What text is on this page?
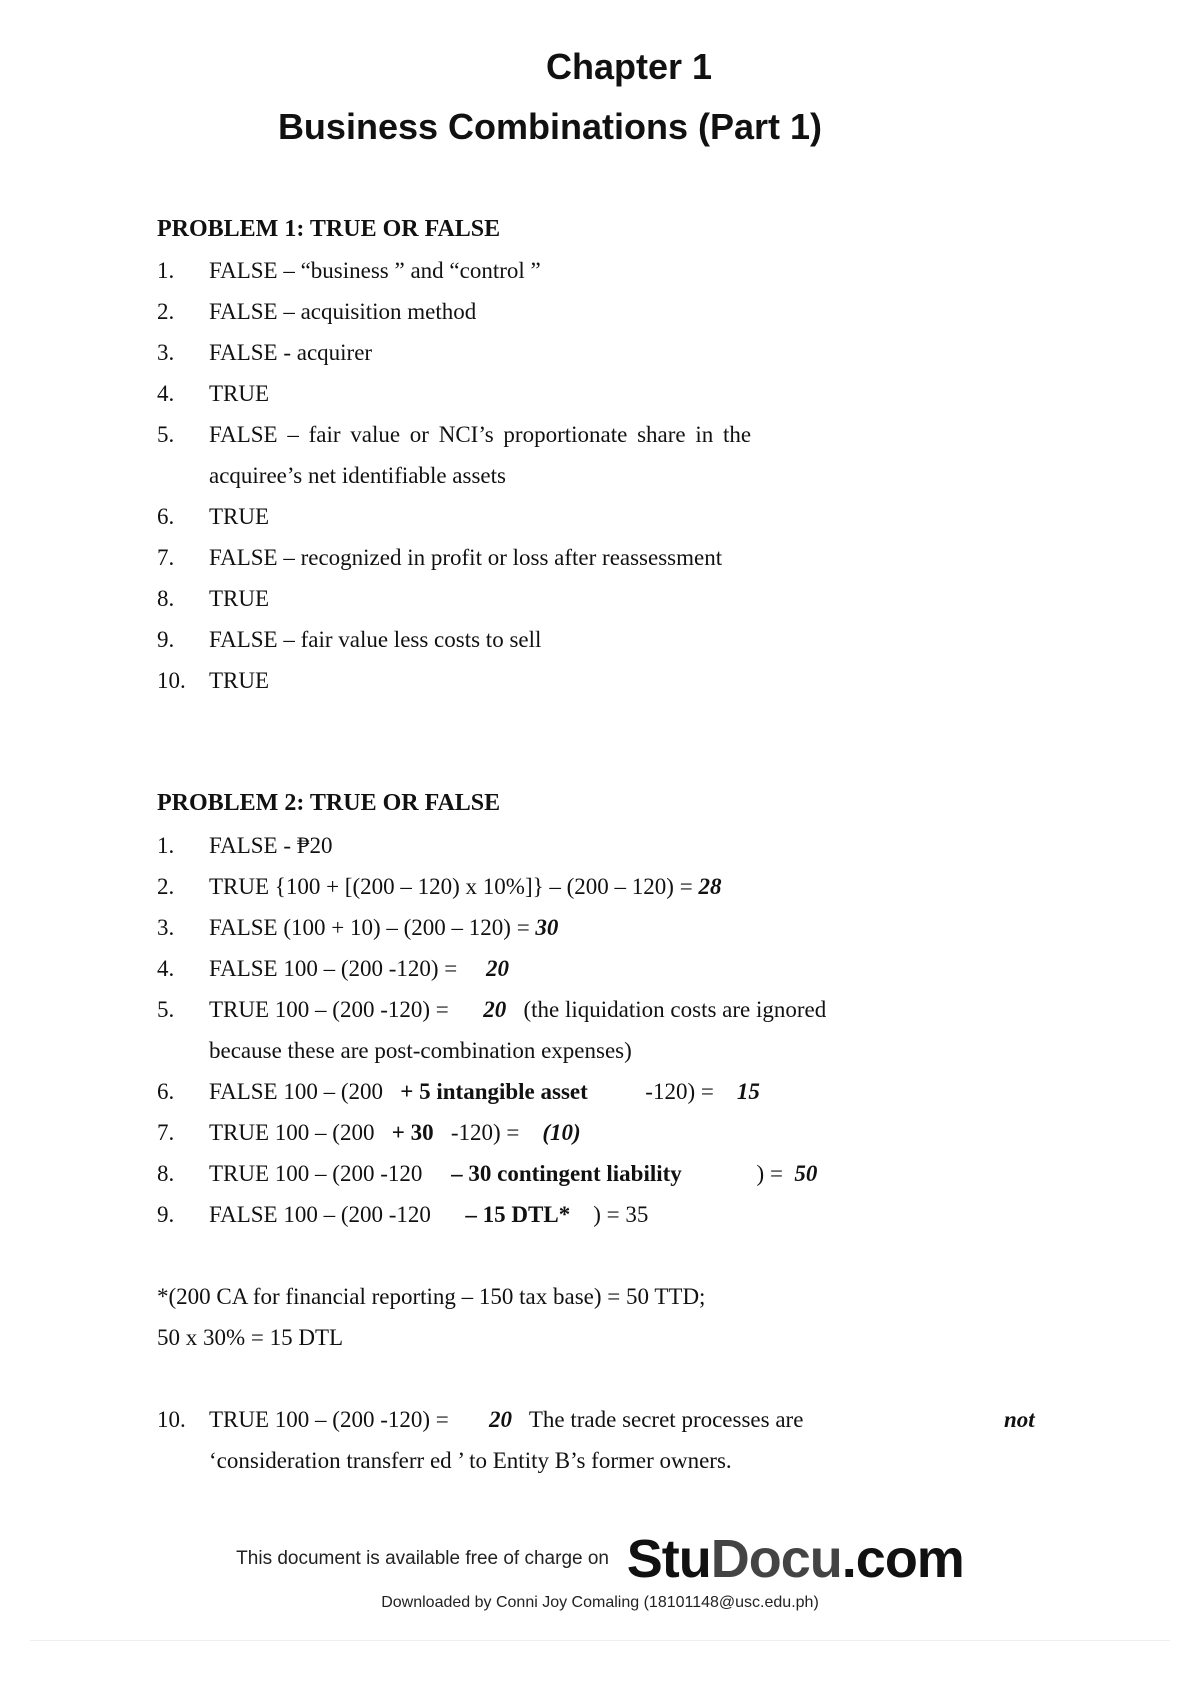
Chapter 1
Business Combinations (Part 1)
PROBLEM 1: TRUE OR FALSE
1. FALSE – “business ” and “control ”
2. FALSE – acquisition method
3. FALSE - acquirer
4. TRUE
5. FALSE – fair value or NCI’s proportionate share in the
acquiree’s net identifiable assets
6. TRUE
7. FALSE – recognized in profit or loss after reassessment
8. TRUE
9. FALSE – fair value less costs to sell
10. TRUE
PROBLEM 2: TRUE OR FALSE
1. FALSE - ₱20
2. TRUE {100 + [(200 – 120) x 10%]} – (200 – 120) = 28
3. FALSE (100 + 10) – (200 – 120) = 30
4. FALSE 100 – (200 -120) = 20
5. TRUE 100 – (200 -120) = 20 (the liquidation costs are ignored
because these are post-combination expenses)
6. FALSE 100 – (200 + 5 intangible asset	-120) = 15
7. TRUE 100 – (200 + 30 -120) = (10)
8. TRUE 100 – (200 -120 – 30 contingent liability	) = 50
9. FALSE 100 – (200 -120 – 15 DTL* ) = 35
*(200 CA for financial reporting – 150 tax base) = 50 TTD;
50 x 30% = 15 DTL
10. TRUE 100 – (200 -120) = 20 The trade secret processes are	not
‘consideration transferr ed ’ to Entity B’s former owners.
This document is available free of charge on StuDocu.com
Downloaded by Conni Joy Comaling (18101148@usc.edu.ph)
